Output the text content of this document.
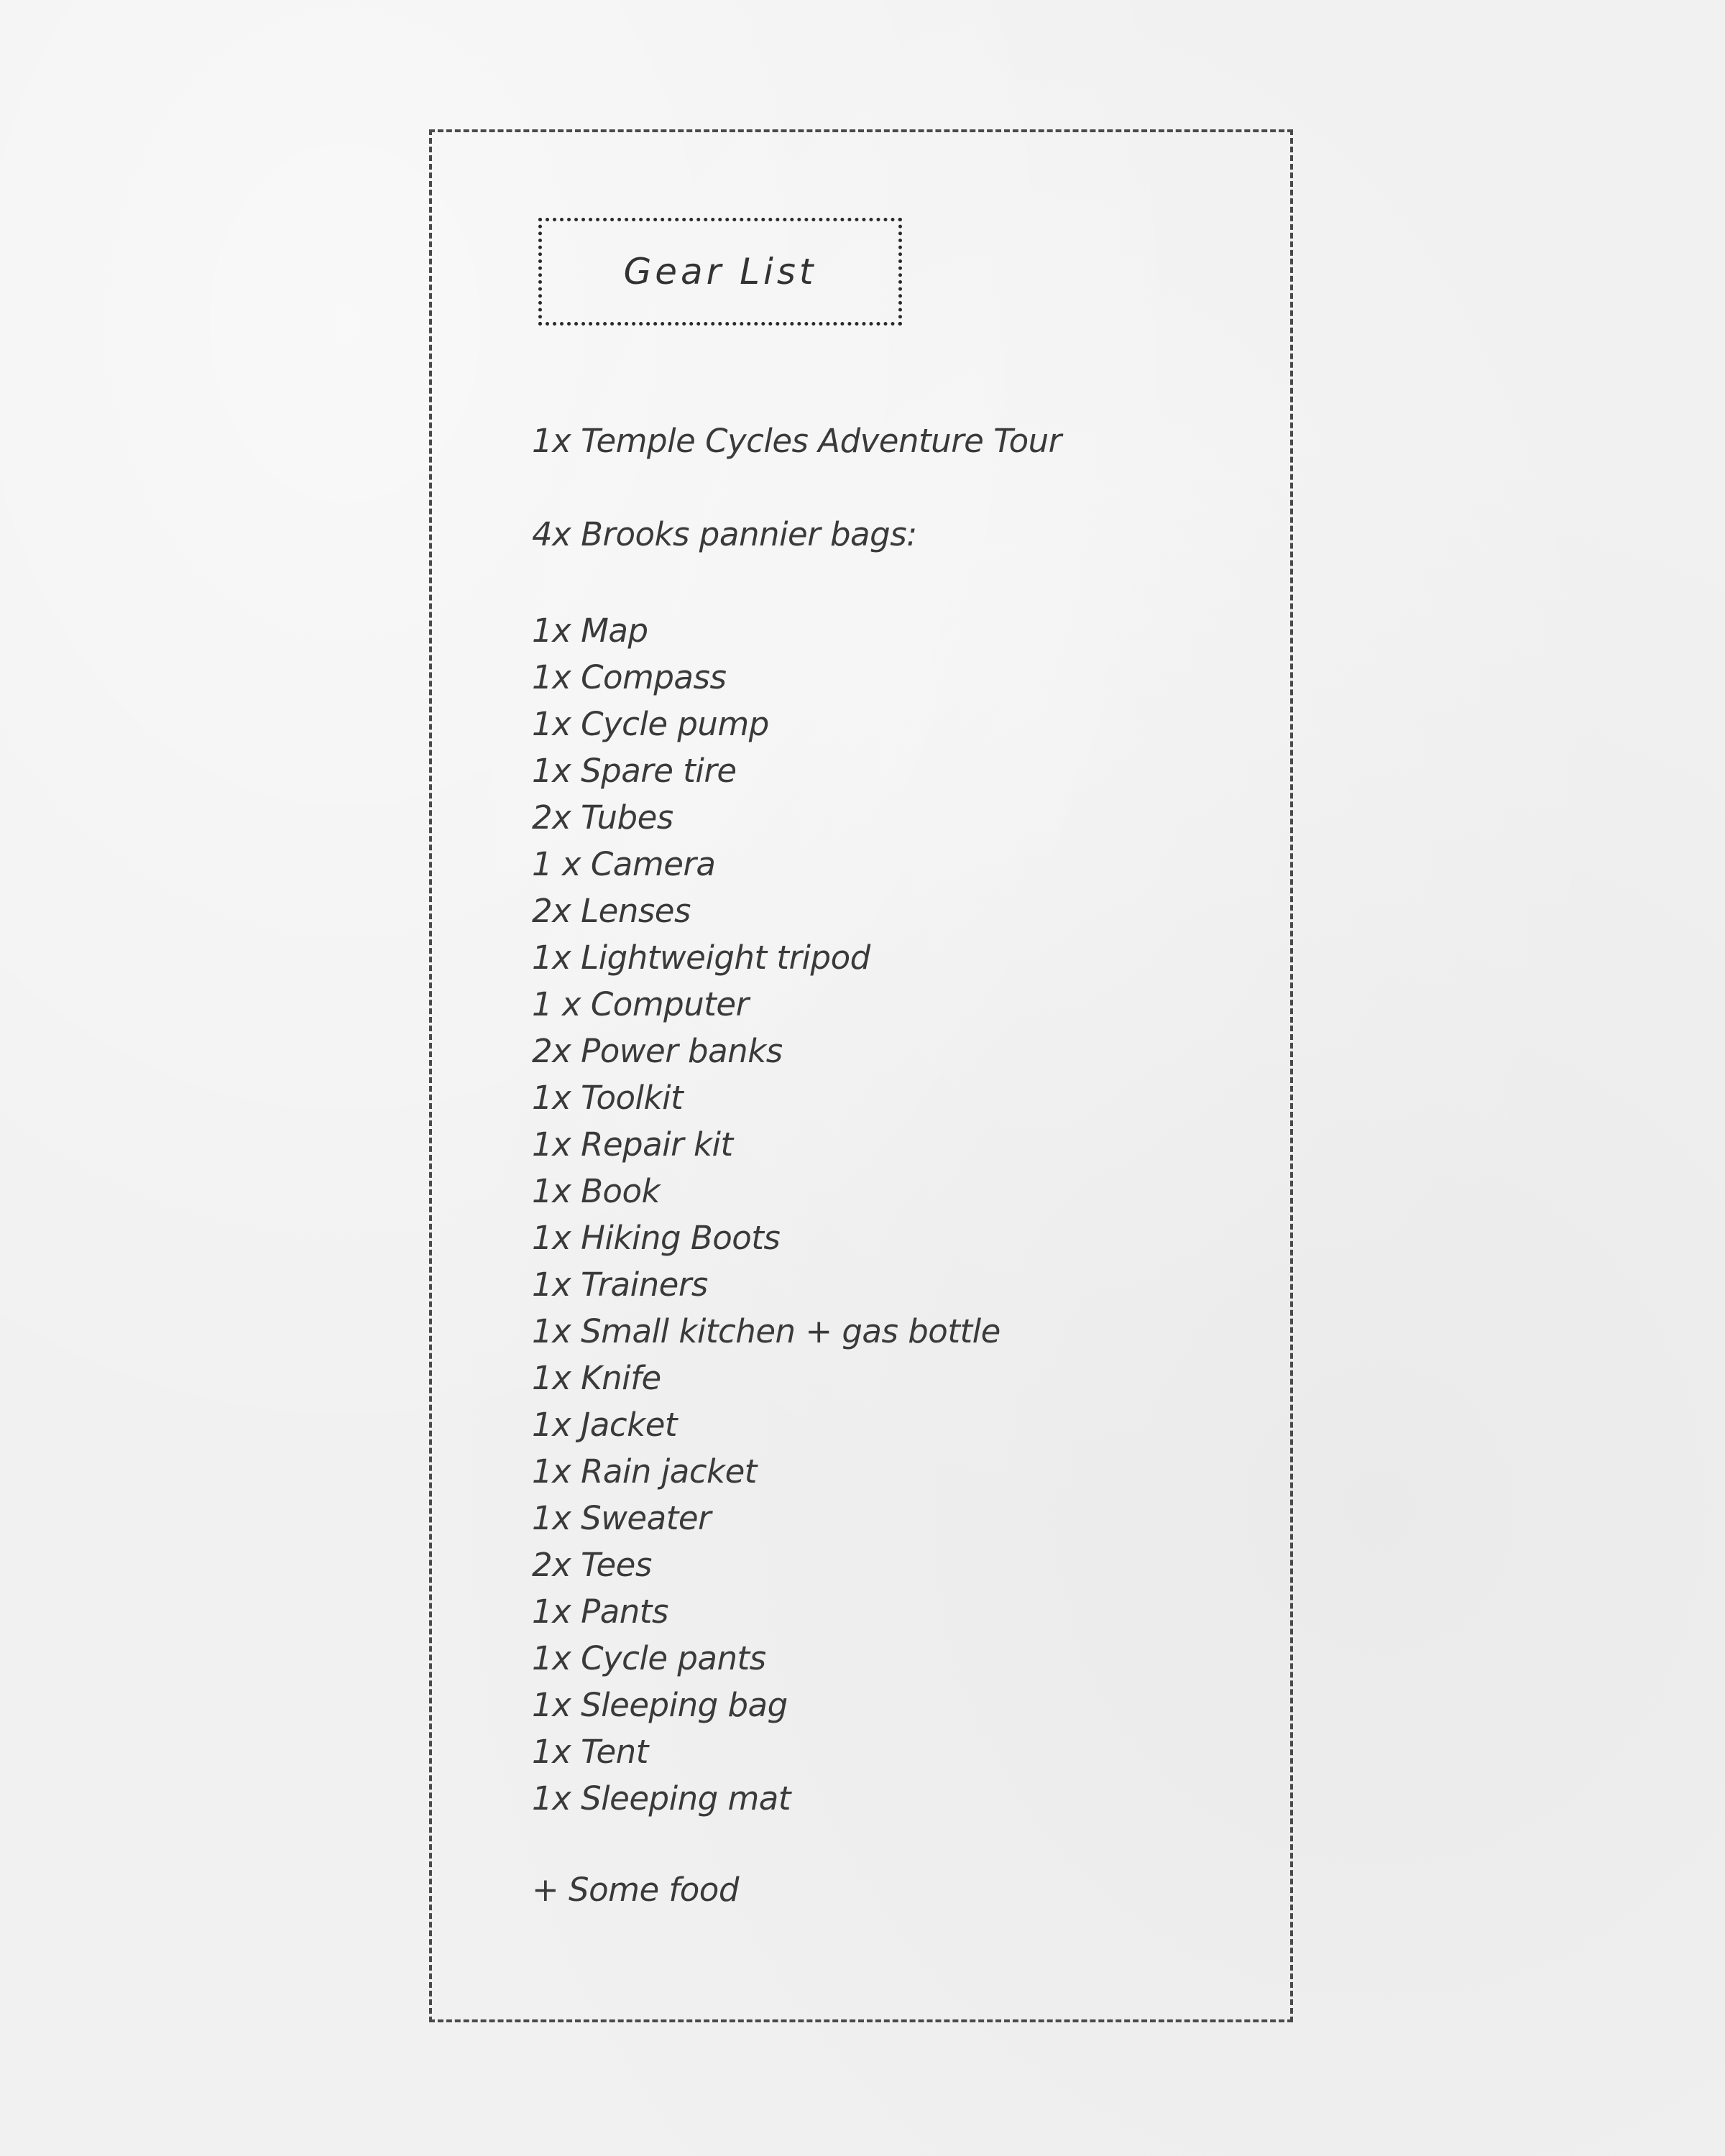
Gear List
1x Temple Cycles Adventure Tour
4x Brooks pannier bags:
1x Map
1x Compass
1x Cycle pump
1x Spare tire
2x Tubes
1 x Camera
2x Lenses
1x Lightweight tripod
1 x Computer
2x Power banks
1x Toolkit
1x Repair kit
1x Book
1x Hiking Boots
1x Trainers
1x Small kitchen + gas bottle
1x Knife
1x Jacket
1x Rain jacket
1x Sweater
2x Tees
1x Pants
1x Cycle pants
1x Sleeping bag
1x Tent
1x Sleeping mat
+ Some food
